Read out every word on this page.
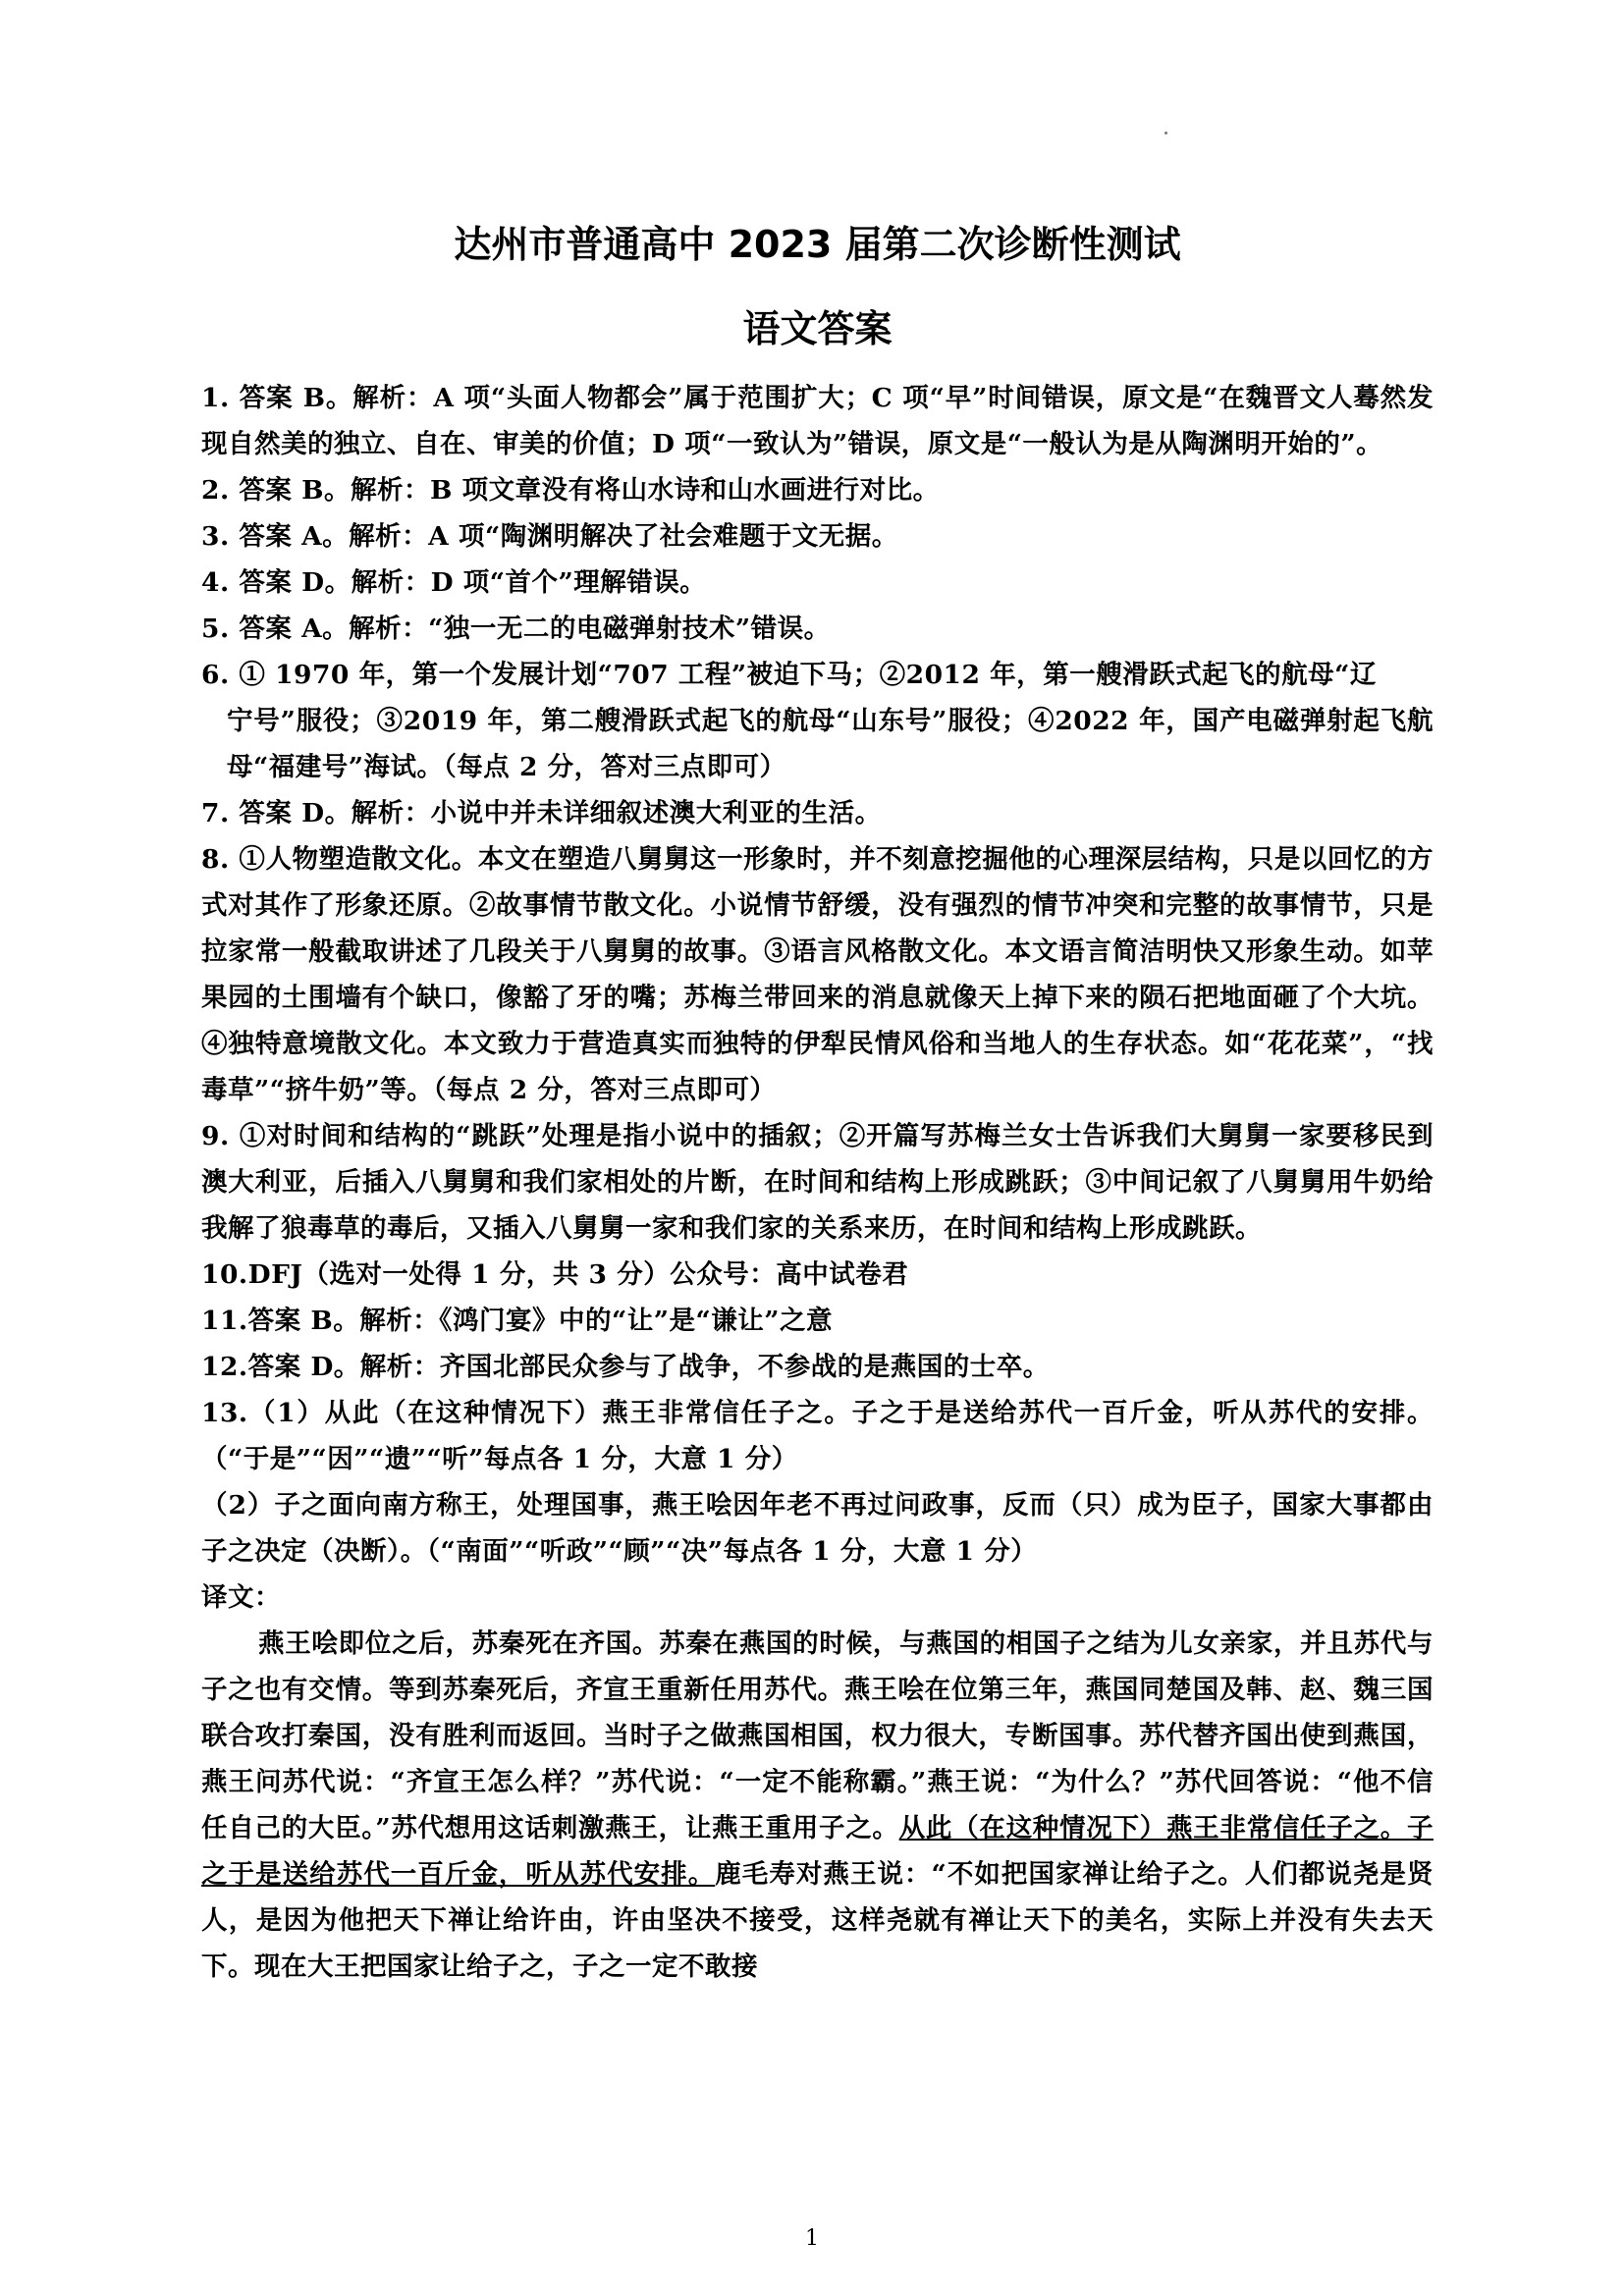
达州市普通高中 2023 届第二次诊断性测试
语文答案

1. 答案 B。解析：A 项“头面人物都会”属于范围扩大；C 项“早”时间错误，原文是“在魏晋文人蓦然发现自然美的独立、自在、审美的价值；D 项“一致认为”错误，原文是“一般认为是从陶渊明开始的”。

2. 答案 B。解析：B 项文章没有将山水诗和山水画进行对比。

3. 答案 A。解析：A 项“陶渊明解决了社会难题于文无据。

4. 答案 D。解析：D 项“首个”理解错误。

5. 答案 A。解析：“独一无二的电磁弹射技术”错误。

6. ① 1970 年，第一个发展计划“707 工程”被迫下马；②2012 年，第一艘滑跃式起飞的航母“辽

宁号”服役；③2019 年，第二艘滑跃式起飞的航母“山东号”服役；④2022 年，国产电磁弹射起飞航母“福建号”海试。（每点 2 分，答对三点即可）

7. 答案 D。解析：小说中并未详细叙述澳大利亚的生活。

8. ①人物塑造散文化。本文在塑造八舅舅这一形象时，并不刻意挖掘他的心理深层结构，只是以回忆的方式对其作了形象还原。②故事情节散文化。小说情节舒缓，没有强烈的情节冲突和完整的故事情节，只是拉家常一般截取讲述了几段关于八舅舅的故事。③语言风格散文化。本文语言简洁明快又形象生动。如苹果园的土围墙有个缺口，像豁了牙的嘴；苏梅兰带回来的消息就像天上掉下来的陨石把地面砸了个大坑。④独特意境散文化。本文致力于营造真实而独特的伊犁民情风俗和当地人的生存状态。如“花花菜”，“找毒草”“挤牛奶”等。（每点 2 分，答对三点即可）

9. ①对时间和结构的“跳跃”处理是指小说中的插叙；②开篇写苏梅兰女士告诉我们大舅舅一家要移民到澳大利亚，后插入八舅舅和我们家相处的片断，在时间和结构上形成跳跃；③中间记叙了八舅舅用牛奶给我解了狼毒草的毒后，又插入八舅舅一家和我们家的关系来历，在时间和结构上形成跳跃。

10.DFJ（选对一处得 1 分，共 3 分）公众号：高中试卷君

11.答案 B。解析：《鸿门宴》中的“让”是“谦让”之意

12.答案 D。解析：齐国北部民众参与了战争，不参战的是燕国的士卒。

13.（1）从此（在这种情况下）燕王非常信任子之。子之于是送给苏代一百斤金，听从苏代的安排。（“于是”“因”“遗”“听”每点各 1 分，大意 1 分）

（2）子之面向南方称王，处理国事，燕王哙因年老不再过问政事，反而（只）成为臣子，国家大事都由子之决定（决断）。（“南面”“听政”“顾”“决”每点各 1 分，大意 1 分）

译文：

燕王哙即位之后，苏秦死在齐国。苏秦在燕国的时候，与燕国的相国子之结为儿女亲家，并且苏代与子之也有交情。等到苏秦死后，齐宣王重新任用苏代。燕王哙在位第三年，燕国同楚国及韩、赵、魏三国联合攻打秦国，没有胜利而返回。当时子之做燕国相国，权力很大，专断国事。苏代替齐国出使到燕国，燕王问苏代说：“齐宣王怎么样？”苏代说：“一定不能称霸。”燕王说：“为什么？”苏代回答说：“他不信任自己的大臣。”苏代想用这话刺激燕王，让燕王重用子之。从此（在这种情况下）燕王非常信任子之。子之于是送给苏代一百斤金，听从苏代安排。鹿毛寿对燕王说：“不如把国家禅让给子之。人们都说尧是贤人，是因为他把天下禅让给许由，许由坚决不接受，这样尧就有禅让天下的美名，实际上并没有失去天下。现在大王把国家让给子之，子之一定不敢接

1
